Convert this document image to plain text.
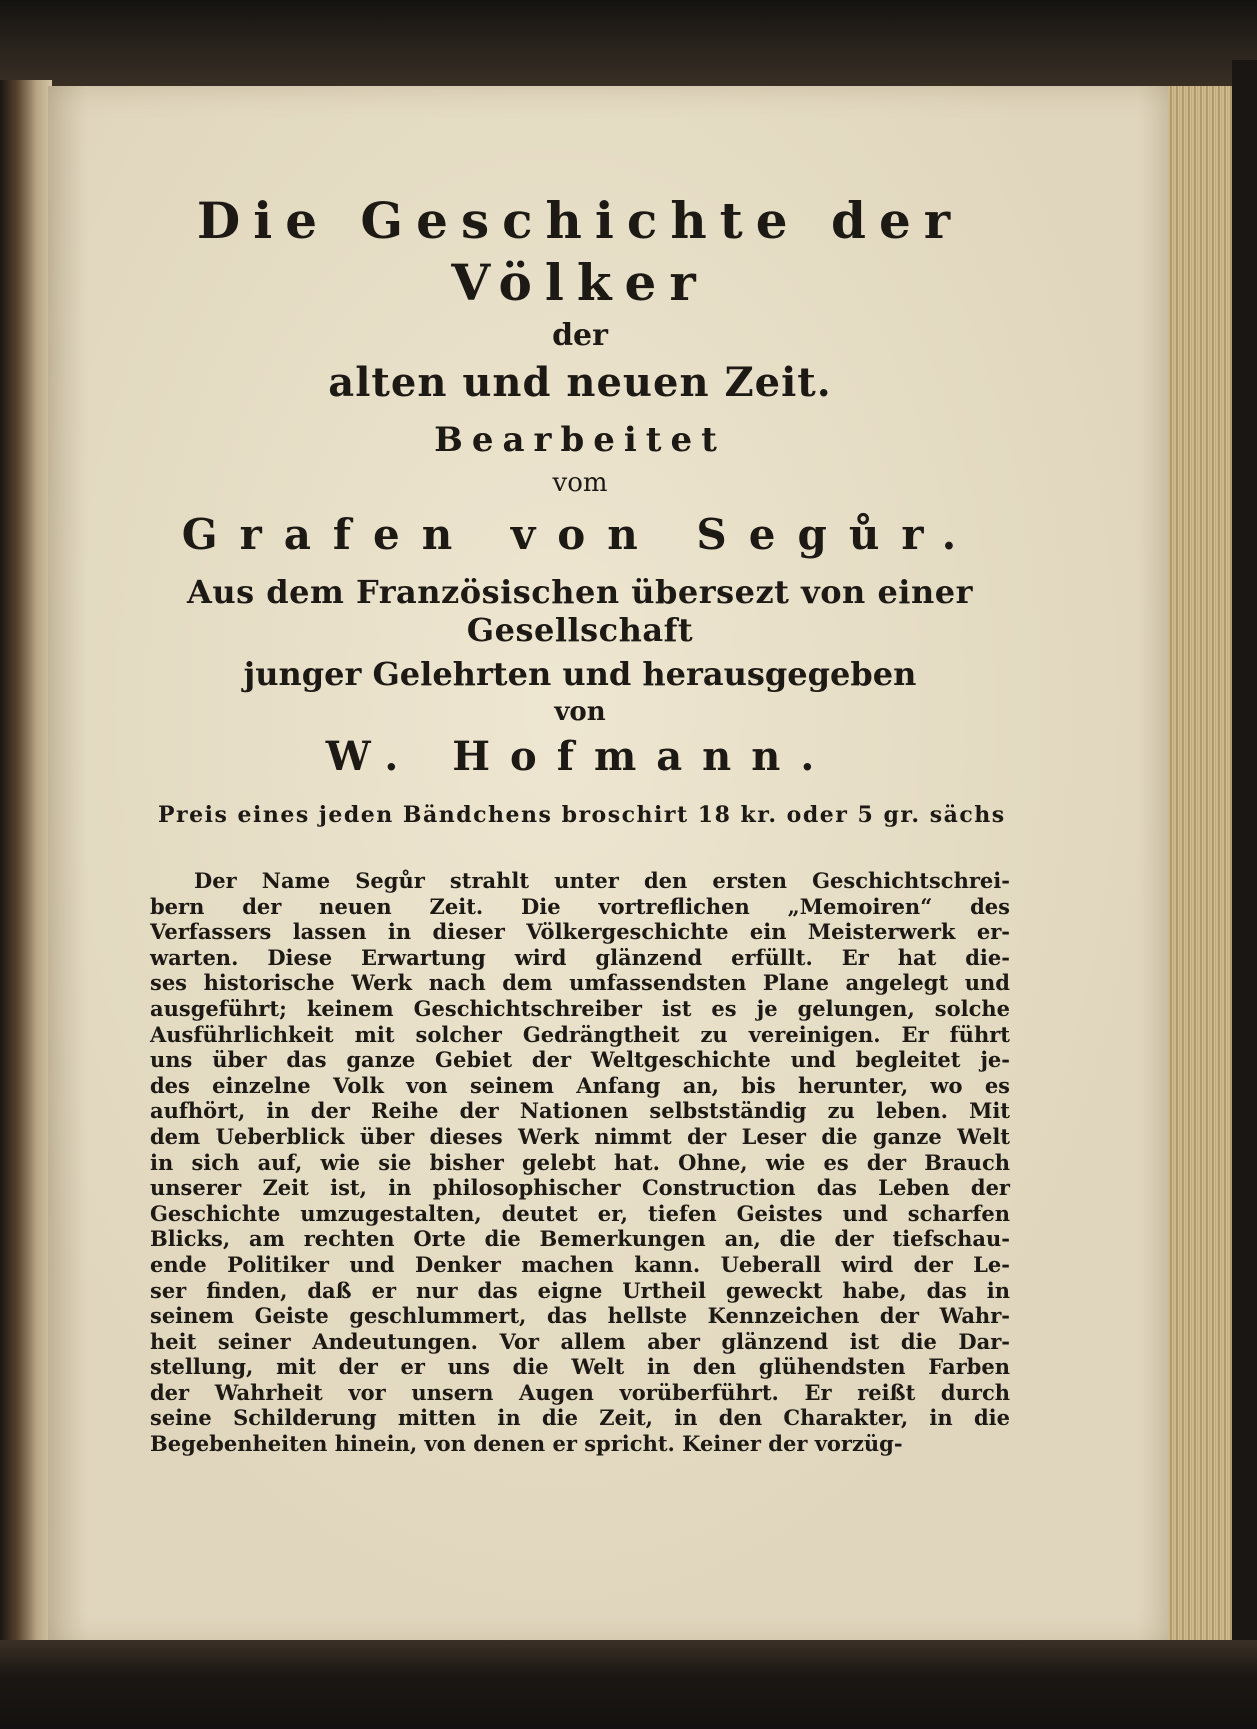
Die Geschichte der Völker

der

alten und neuen Zeit.

Bearbeitet

vom

Grafen von Segůr.

Aus dem Französischen übersezt von einer Gesellschaft

junger Gelehrten und herausgegeben

von

W. Hofmann.

Preis eines jeden Bändchens broschirt 18 kr. oder 5 gr. sächs

Der Name Segůr strahlt unter den ersten Geschichtschrei-
bern der neuen Zeit. Die vortreflichen „Memoiren“ des
Verfassers lassen in dieser Völkergeschichte ein Meisterwerk er-
warten. Diese Erwartung wird glänzend erfüllt. Er hat die-
ses historische Werk nach dem umfassendsten Plane angelegt und
ausgeführt; keinem Geschichtschreiber ist es je gelungen, solche
Ausführlichkeit mit solcher Gedrängtheit zu vereinigen. Er führt
uns über das ganze Gebiet der Weltgeschichte und begleitet je-
des einzelne Volk von seinem Anfang an, bis herunter, wo es
aufhört, in der Reihe der Nationen selbstständig zu leben. Mit
dem Ueberblick über dieses Werk nimmt der Leser die ganze Welt
in sich auf, wie sie bisher gelebt hat. Ohne, wie es der Brauch
unserer Zeit ist, in philosophischer Construction das Leben der
Geschichte umzugestalten, deutet er, tiefen Geistes und scharfen
Blicks, am rechten Orte die Bemerkungen an, die der tiefschau-
ende Politiker und Denker machen kann. Ueberall wird der Le-
ser finden, daß er nur das eigne Urtheil geweckt habe, das in
seinem Geiste geschlummert, das hellste Kennzeichen der Wahr-
heit seiner Andeutungen. Vor allem aber glänzend ist die Dar-
stellung, mit der er uns die Welt in den glühendsten Farben
der Wahrheit vor unsern Augen vorüberführt. Er reißt durch
seine Schilderung mitten in die Zeit, in den Charakter, in die
Begebenheiten hinein, von denen er spricht. Keiner der vorzüg-
